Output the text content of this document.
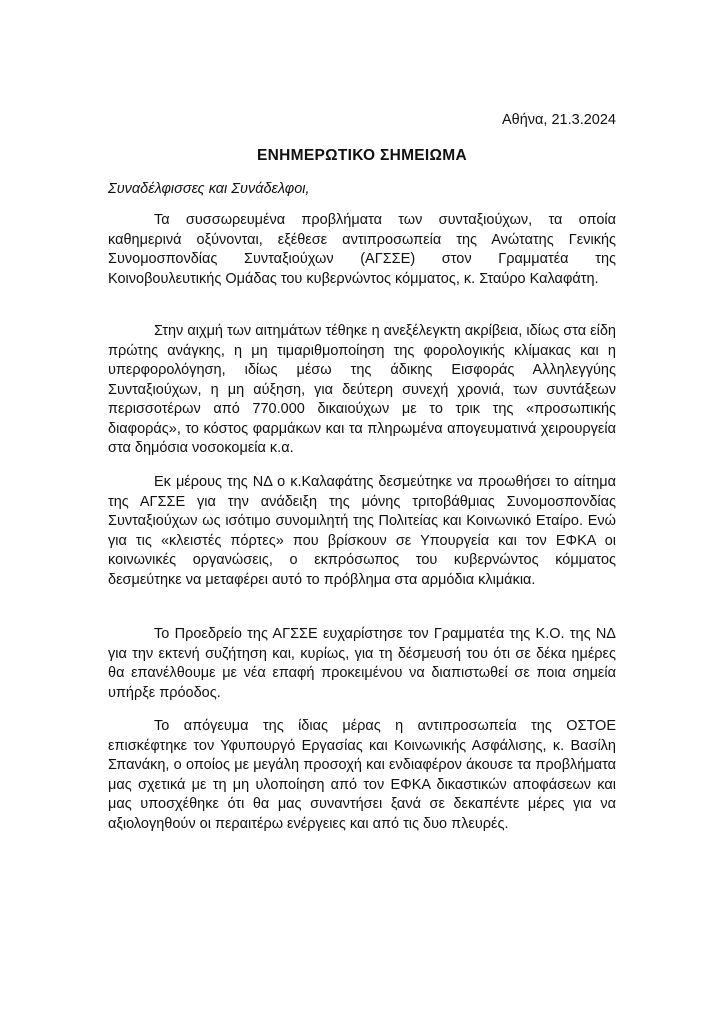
Αθήνα, 21.3.2024
ΕΝΗΜΕΡΩΤΙΚΟ ΣΗΜΕΙΩΜΑ
Συναδέλφισσες και Συνάδελφοι,

Τα συσσωρευμένα προβλήματα των συνταξιούχων, τα οποία καθημερινά οξύνονται, εξέθεσε αντιπροσωπεία της Ανώτατης Γενικής Συνομοσπονδίας Συνταξιούχων (ΑΓΣΣΕ) στον Γραμματέα της Κοινοβουλευτικής Ομάδας του κυβερνώντος κόμματος, κ. Σταύρο Καλαφάτη.

Στην αιχμή των αιτημάτων τέθηκε η ανεξέλεγκτη ακρίβεια, ιδίως στα είδη πρώτης ανάγκης, η μη τιμαριθμοποίηση της φορολογικής κλίμακας και η υπερφορολόγηση, ιδίως μέσω της άδικης Εισφοράς Αλληλεγγύης Συνταξιούχων, η μη αύξηση, για δεύτερη συνεχή χρονιά, των συντάξεων περισσοτέρων από 770.000 δικαιούχων με το τρικ της «προσωπικής διαφοράς», το κόστος φαρμάκων και τα πληρωμένα απογευματινά χειρουργεία στα δημόσια νοσοκομεία κ.α.

Εκ μέρους της ΝΔ ο κ.Καλαφάτης δεσμεύτηκε να προωθήσει το αίτημα της ΑΓΣΣΕ για την ανάδειξη της μόνης τριτοβάθμιας Συνομοσπονδίας Συνταξιούχων ως ισότιμο συνομιλητή της Πολιτείας και Κοινωνικό Εταίρο. Ενώ για τις «κλειστές πόρτες» που βρίσκουν σε Υπουργεία και τον ΕΦΚΑ οι κοινωνικές οργανώσεις, ο εκπρόσωπος του κυβερνώντος κόμματος δεσμεύτηκε να μεταφέρει αυτό το πρόβλημα στα αρμόδια κλιμάκια.

Το Προεδρείο της ΑΓΣΣΕ ευχαρίστησε τον Γραμματέα της Κ.Ο. της ΝΔ για την εκτενή συζήτηση και, κυρίως, για τη δέσμευσή του ότι σε δέκα ημέρες θα επανέλθουμε με νέα επαφή προκειμένου να διαπιστωθεί σε ποια σημεία υπήρξε πρόοδος.

Το απόγευμα της ίδιας μέρας η αντιπροσωπεία της ΟΣΤΟΕ επισκέφτηκε τον Υφυπουργό Εργασίας και Κοινωνικής Ασφάλισης, κ. Βασίλη Σπανάκη, ο οποίος με μεγάλη προσοχή και ενδιαφέρον άκουσε τα προβλήματα μας σχετικά με τη μη υλοποίηση από τον ΕΦΚΑ δικαστικών αποφάσεων και μας υποσχέθηκε ότι θα μας συναντήσει ξανά σε δεκαπέντε μέρες για να αξιολογηθούν οι περαιτέρω ενέργειες και από τις δυο πλευρές.
